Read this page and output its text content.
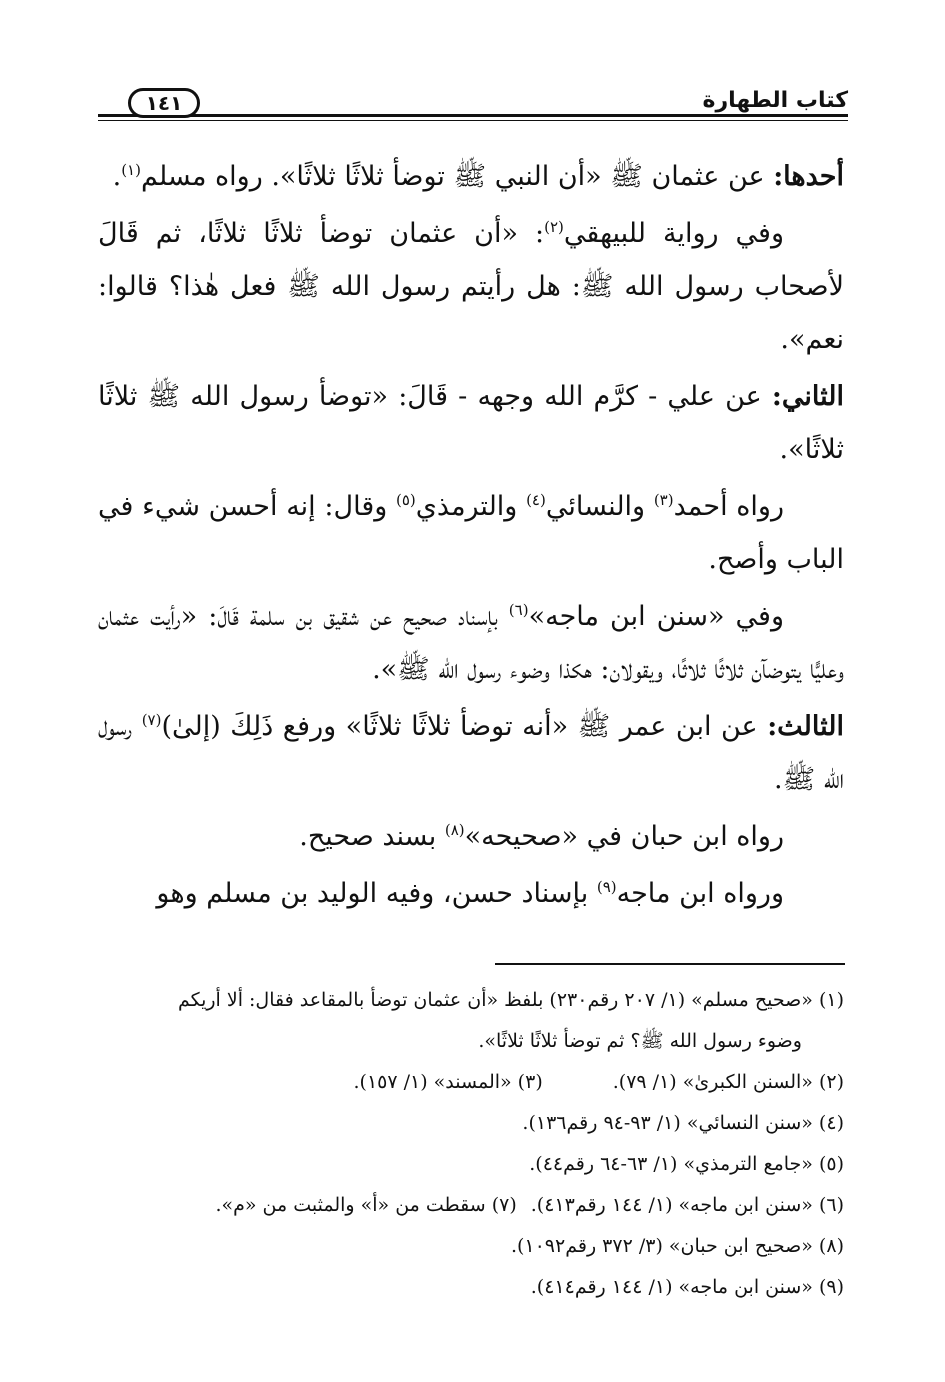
كتاب الطهارة
١٤١

أحدها: عن عثمان ﷺ «أن النبي ﷺ توضأ ثلاثًا ثلاثًا». رواه مسلم$^{(١)}$.

وفي رواية للبيهقي$^{(٢)}$: «أن عثمان توضأ ثلاثًا ثلاثًا، ثم قَالَ لأصحاب رسول الله ﷺ: هل رأيتم رسول الله ﷺ فعل هٰذا؟ قالوا: نعم».

الثاني: عن علي - كرَّم الله وجهه - قَالَ: «توضأ رسول الله ﷺ ثلاثًا ثلاثًا».

رواه أحمد$^{(٣)}$ والنسائي$^{(٤)}$ والترمذي$^{(٥)}$ وقال: إنه أحسن شيء في الباب وأصح.

وفي «سنن ابن ماجه»$^{(٦)}$ بإسناد صحيح عن شقيق بن سلمة قَالَ: «رأيت عثمان وعليًّا يتوضآن ثلاثًا ثلاثًا، ويقولان: هكذا وضوء رسول الله ﷺ».

الثالث: عن ابن عمر ﷺ «أنه توضأ ثلاثًا ثلاثًا» ورفع ذَلِكَ (إلىٰ)$^{(٧)}$ رسول الله ﷺ.

رواه ابن حبان في «صحيحه»$^{(٨)}$ بسند صحيح.

ورواه ابن ماجه$^{(٩)}$ بإسناد حسن، وفيه الوليد بن مسلم وهو

(١) «صحيح مسلم» (١/ ٢٠٧ رقم٢٣٠) بلفظ «أن عثمان توضأ بالمقاعد فقال: ألا أريكم
وضوء رسول الله ﷺ؟ ثم توضأ ثلاثًا ثلاثًا».
(٢) «السنن الكبرىٰ» (١/ ٧٩).(٣) «المسند» (١/ ١٥٧).
(٤) «سنن النسائي» (١/ ٩٣-٩٤ رقم١٣٦).
(٥) «جامع الترمذي» (١/ ٦٣-٦٤ رقم٤٤).
(٦) «سنن ابن ماجه» (١/ ١٤٤ رقم٤١٣).(٧) سقطت من «أ» والمثبت من «م».
(٨) «صحيح ابن حبان» (٣/ ٣٧٢ رقم١٠٩٢).
(٩) «سنن ابن ماجه» (١/ ١٤٤ رقم٤١٤).
